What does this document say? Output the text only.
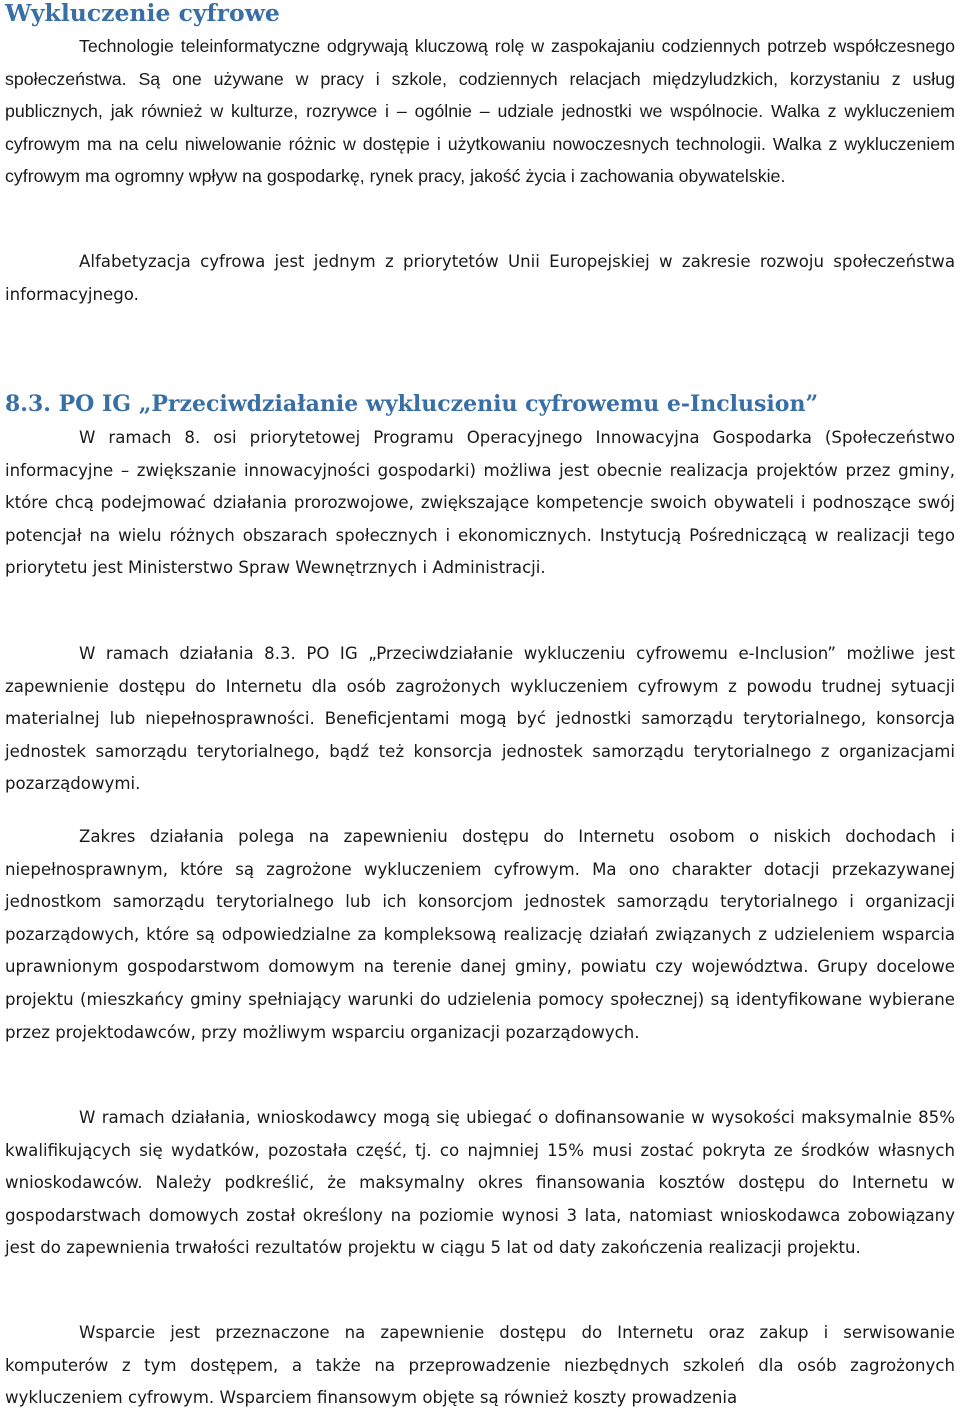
Wykluczenie cyfrowe

Technologie teleinformatyczne odgrywają kluczową rolę w zaspokajaniu codziennych potrzeb współczesnego społeczeństwa. Są one używane w pracy i szkole, codziennych relacjach międzyludzkich, korzystaniu z usług publicznych, jak również w kulturze, rozrywce i – ogólnie – udziale jednostki we wspólnocie. Walka z wykluczeniem cyfrowym ma na celu niwelowanie różnic w dostępie i użytkowaniu nowoczesnych technologii. Walka z wykluczeniem cyfrowym ma ogromny wpływ na gospodarkę, rynek pracy, jakość życia i zachowania obywatelskie.

Alfabetyzacja cyfrowa jest jednym z priorytetów Unii Europejskiej w zakresie rozwoju społeczeństwa informacyjnego.

8.3. PO IG „Przeciwdziałanie wykluczeniu cyfrowemu e-Inclusion”

W ramach 8. osi priorytetowej Programu Operacyjnego Innowacyjna Gospodarka (Społeczeństwo informacyjne – zwiększanie innowacyjności gospodarki) możliwa jest obecnie realizacja projektów przez gminy, które chcą podejmować działania prorozwojowe, zwiększające kompetencje swoich obywateli i podnoszące swój potencjał na wielu różnych obszarach społecznych i ekonomicznych. Instytucją Pośredniczącą w realizacji tego priorytetu jest Ministerstwo Spraw Wewnętrznych i Administracji.

W ramach działania 8.3. PO IG „Przeciwdziałanie wykluczeniu cyfrowemu e-Inclusion” możliwe jest zapewnienie dostępu do Internetu dla osób zagrożonych wykluczeniem cyfrowym z powodu trudnej sytuacji materialnej lub niepełnosprawności. Beneficjentami mogą być jednostki samorządu terytorialnego, konsorcja jednostek samorządu terytorialnego, bądź też konsorcja jednostek samorządu terytorialnego z organizacjami pozarządowymi.

Zakres działania polega na zapewnieniu dostępu do Internetu osobom o niskich dochodach i niepełnosprawnym, które są zagrożone wykluczeniem cyfrowym. Ma ono charakter dotacji przekazywanej jednostkom samorządu terytorialnego lub ich konsorcjom jednostek samorządu terytorialnego i organizacji pozarządowych, które są odpowiedzialne za kompleksową realizację działań związanych z udzieleniem wsparcia uprawnionym gospodarstwom domowym na terenie danej gminy, powiatu czy województwa. Grupy docelowe projektu (mieszkańcy gminy spełniający warunki do udzielenia pomocy społecznej) są identyfikowane wybierane przez projektodawców, przy możliwym wsparciu organizacji pozarządowych.

W ramach działania, wnioskodawcy mogą się ubiegać o dofinansowanie w wysokości maksymalnie 85% kwalifikujących się wydatków, pozostała część, tj. co najmniej 15% musi zostać pokryta ze środków własnych wnioskodawców. Należy podkreślić, że maksymalny okres finansowania kosztów dostępu do Internetu w gospodarstwach domowych został określony na poziomie wynosi 3 lata, natomiast wnioskodawca zobowiązany jest do zapewnienia trwałości rezultatów projektu w ciągu 5 lat od daty zakończenia realizacji projektu.

Wsparcie jest przeznaczone na zapewnienie dostępu do Internetu oraz zakup i serwisowanie komputerów z tym dostępem, a także na przeprowadzenie niezbędnych szkoleń dla osób zagrożonych wykluczeniem cyfrowym. Wsparciem finansowym objęte są również koszty prowadzenia
